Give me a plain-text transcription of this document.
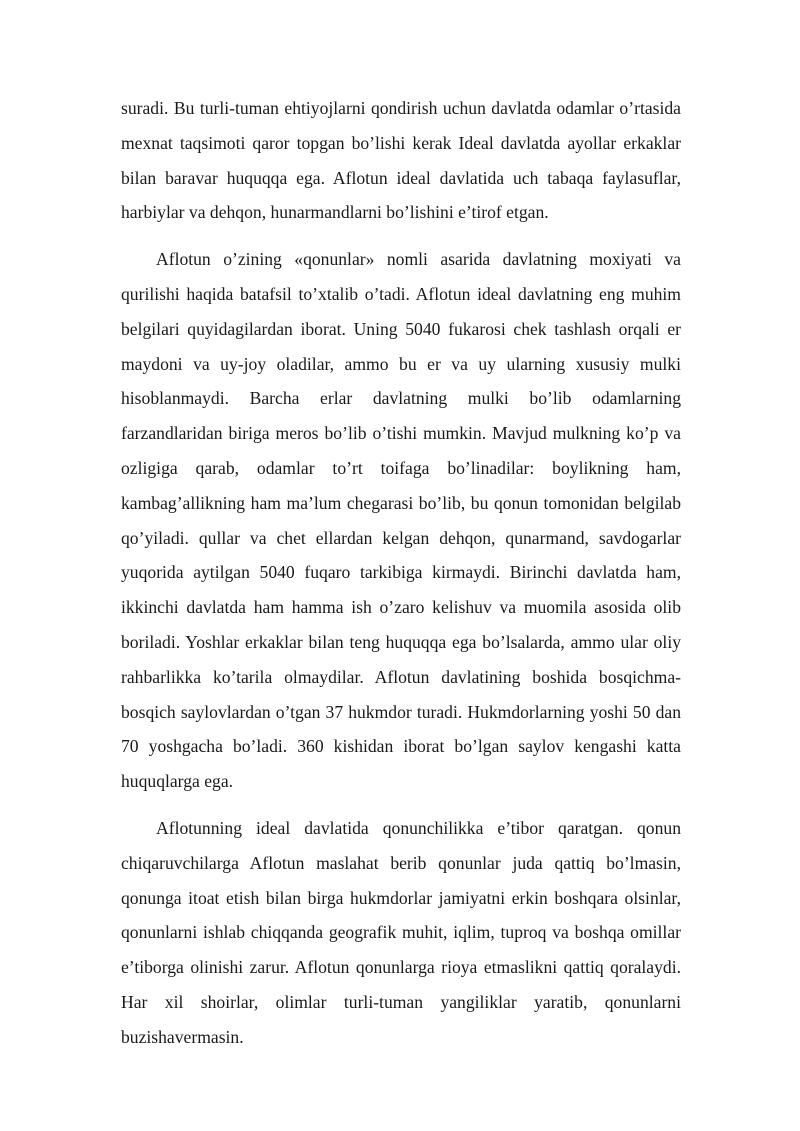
suradi. Bu turli-tuman ehtiyojlarni qondirish uchun davlatda odamlar o’rtasida mexnat taqsimoti qaror topgan bo’lishi kerak Ideal davlatda ayollar erkaklar bilan baravar huquqqa ega. Aflotun ideal davlatida uch tabaqa faylasuflar, harbiylar va dehqon, hunarmandlarni bo’lishini e’tirof etgan.

Aflotun o’zining «qonunlar» nomli asarida davlatning moxiyati va qurilishi haqida batafsil to’xtalib o’tadi. Aflotun ideal davlatning eng muhim belgilari quyidagilardan iborat. Uning 5040 fukarosi chek tashlash orqali er maydoni va uy-joy oladilar, ammo bu er va uy ularning xususiy mulki hisoblanmaydi. Barcha erlar davlatning mulki bo’lib odamlarning farzandlaridan biriga meros bo’lib o’tishi mumkin. Mavjud mulkning ko’p va ozligiga qarab, odamlar to’rt toifaga bo’linadilar: boylikning ham, kambag’allikning ham ma’lum chegarasi bo’lib, bu qonun tomonidan belgilab qo’yiladi. qullar va chet ellardan kelgan dehqon, qunarmand, savdogarlar yuqorida aytilgan 5040 fuqaro tarkibiga kirmaydi. Birinchi davlatda ham, ikkinchi davlatda ham hamma ish o’zaro kelishuv va muomila asosida olib boriladi. Yoshlar erkaklar bilan teng huquqqa ega bo’lsalarda, ammo ular oliy rahbarlikka ko’tarila olmaydilar. Aflotun davlatining boshida bosqichma-bosqich saylovlardan o’tgan 37 hukmdor turadi. Hukmdorlarning yoshi 50 dan 70 yoshgacha bo’ladi. 360 kishidan iborat bo’lgan saylov kengashi katta huquqlarga ega.

Aflotunning ideal davlatida qonunchilikka e’tibor qaratgan. qonun chiqaruvchilarga Aflotun maslahat berib qonunlar juda qattiq bo’lmasin, qonunga itoat etish bilan birga hukmdorlar jamiyatni erkin boshqara olsinlar, qonunlarni ishlab chiqqanda geografik muhit, iqlim, tuproq va boshqa omillar e’tiborga olinishi zarur. Aflotun qonunlarga rioya etmaslikni qattiq qoralaydi. Har xil shoirlar, olimlar turli-tuman yangiliklar yaratib, qonunlarni buzishavermasin.
